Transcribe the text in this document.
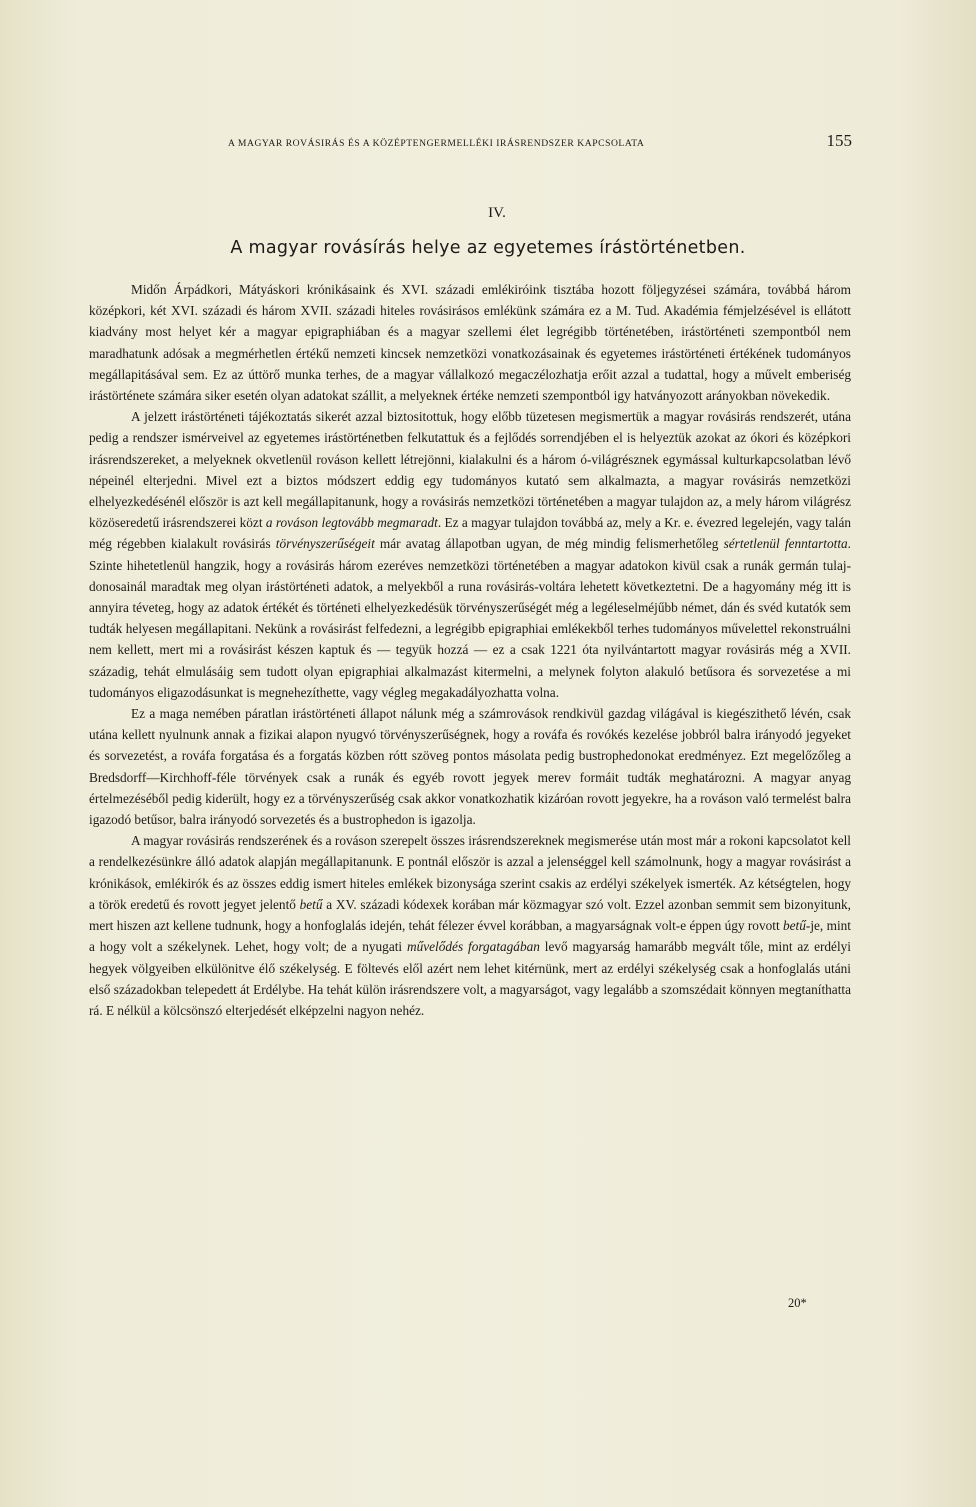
A MAGYAR ROVÁSIRÁS ÉS A KÖZÉPTENGERMELLÉKI IRÁSRENDSZER KAPCSOLATA	155
IV.
A magyar rovásírás helye az egyetemes írástörténetben.

Midőn Árpádkori, Mátyáskori krónikásaink és XVI. századi emlékiróink tisztába hozott följegyzései számára, továbbá három középkori, két XVI. századi és három XVII. századi hiteles rovásirásos emlékünk számára ez a M. Tud. Akadémia fémjelzésével is ellátott kiadvány most helyet kér a magyar epigraphiában és a magyar szellemi élet legrégibb történetében, irástörténeti szempontból nem maradhatunk adósak a megmérhetlen értékű nemzeti kincsek nemzetközi vonatkozásainak és egyetemes irástörténeti értékének tudományos megállapitásával sem. Ez az úttörő munka terhes, de a magyar vállalkozó megaczélozhatja erőit azzal a tudattal, hogy a művelt emberiség irástörténete számára siker esetén olyan adatokat szállit, a melyeknek értéke nemzeti szempontból igy hatványozott arányokban növekedik.

A jelzett irástörténeti tájékoztatás sikerét azzal biztositottuk, hogy előbb tüzetesen megismertük a magyar rovásirás rendszerét, utána pedig a rendszer ismérveivel az egyetemes irástörténetben felkutattuk és a fejlődés sorrendjében el is helyeztük azokat az ókori és középkori irásrendszereket, a melyeknek okvetlenül rováson kellett létrejönni, kialakulni és a három ó-világrésznek egymással kulturkapcsolatban lévő népeinél elterjedni. Mivel ezt a biztos módszert eddig egy tudományos kutató sem alkalmazta, a magyar rovásirás nemzetközi elhelyezkedésénél először is azt kell megállapitanunk, hogy a rovásirás nemzetközi történetében a magyar tulajdon az, a mely három világrész közöseredetű irásrendszerei közt a rováson legtovább megmaradt. Ez a magyar tulajdon továbbá az, mely a Kr. e. évezred legelején, vagy talán még régebben kialakult rovásirás törvényszerűségeit már avatag állapotban ugyan, de még mindig felismerhetőleg sértetlenül fenntartotta. Szinte hihetetlenül hangzik, hogy a rovásirás három ezeréves nemzetközi történetében a magyar adatokon kivül csak a runák germán tulajdonosainál maradtak meg olyan irástörténeti adatok, a melyekből a runa rovásirás-voltára lehetett következtetni. De a hagyomány még itt is annyira téveteg, hogy az adatok értékét és történeti elhelyezkedésük törvényszerűségét még a legéleselméjűbb német, dán és svéd kutatók sem tudták helyesen megállapitani. Nekünk a rovásirást felfedezni, a legrégibb epigraphiai emlékekből terhes tudományos művelettel rekonstruálni nem kellett, mert mi a rovásirást készen kaptuk és — tegyük hozzá — ez a csak 1221 óta nyilvántartott magyar rovásirás még a XVII. századig, tehát elmulásáig sem tudott olyan epigraphiai alkalmazást kitermelni, a melynek folyton alakuló betűsora és sorvezetése a mi tudományos eligazodásunkat is megnehezíthette, vagy végleg megakadályozhatta volna.

Ez a maga nemében páratlan irástörténeti állapot nálunk még a számrovások rendkivül gazdag világával is kiegészithető lévén, csak utána kellett nyulnunk annak a fizikai alapon nyugvó törvényszerűségnek, hogy a rováfa és rovókés kezelése jobbról balra irányodó jegyeket és sorvezetést, a rováfa forgatása és a forgatás közben rótt szöveg pontos másolata pedig bustrophedonokat eredményez. Ezt megelőzőleg a Bredsdorff—Kirchhoff-féle törvények csak a runák és egyéb rovott jegyek merev formáit tudták meghatározni. A magyar anyag értelmezéséből pedig kiderült, hogy ez a törvényszerűség csak akkor vonatkozhatik kizáróan rovott jegyekre, ha a rováson való termelést balra igazodó betűsor, balra irányodó sorvezetés és a bustrophedon is igazolja.

A magyar rovásirás rendszerének és a rováson szerepelt összes irásrendszereknek megismerése után most már a rokoni kapcsolatot kell a rendelkezésünkre álló adatok alapján megállapitanunk. E pontnál először is azzal a jelenséggel kell számolnunk, hogy a magyar rovásirást a krónikások, emlékirók és az összes eddig ismert hiteles emlékek bizonysága szerint csakis az erdélyi székelyek ismerték. Az kétségtelen, hogy a török eredetű és rovott jegyet jelentő betű a XV. századi kódexek korában már közmagyar szó volt. Ezzel azonban semmit sem bizonyitunk, mert hiszen azt kellene tudnunk, hogy a honfoglalás idején, tehát félezer évvel korábban, a magyarságnak volt-e éppen úgy rovott betű-je, mint a hogy volt a székelynek. Lehet, hogy volt; de a nyugati művelődés forgatagában levő magyarság hamarább megvált tőle, mint az erdélyi hegyek völgyeiben elkülönitve élő székelység. E föltevés elől azért nem lehet kitérnünk, mert az erdélyi székelység csak a honfoglalás utáni első századokban telepedett át Erdélybe. Ha tehát külön irásrendszere volt, a magyarságot, vagy legalább a szomszédait könnyen megtaníthatta rá. E nélkül a kölcsönszó elterjedését elképzelni nagyon nehéz.

20*
